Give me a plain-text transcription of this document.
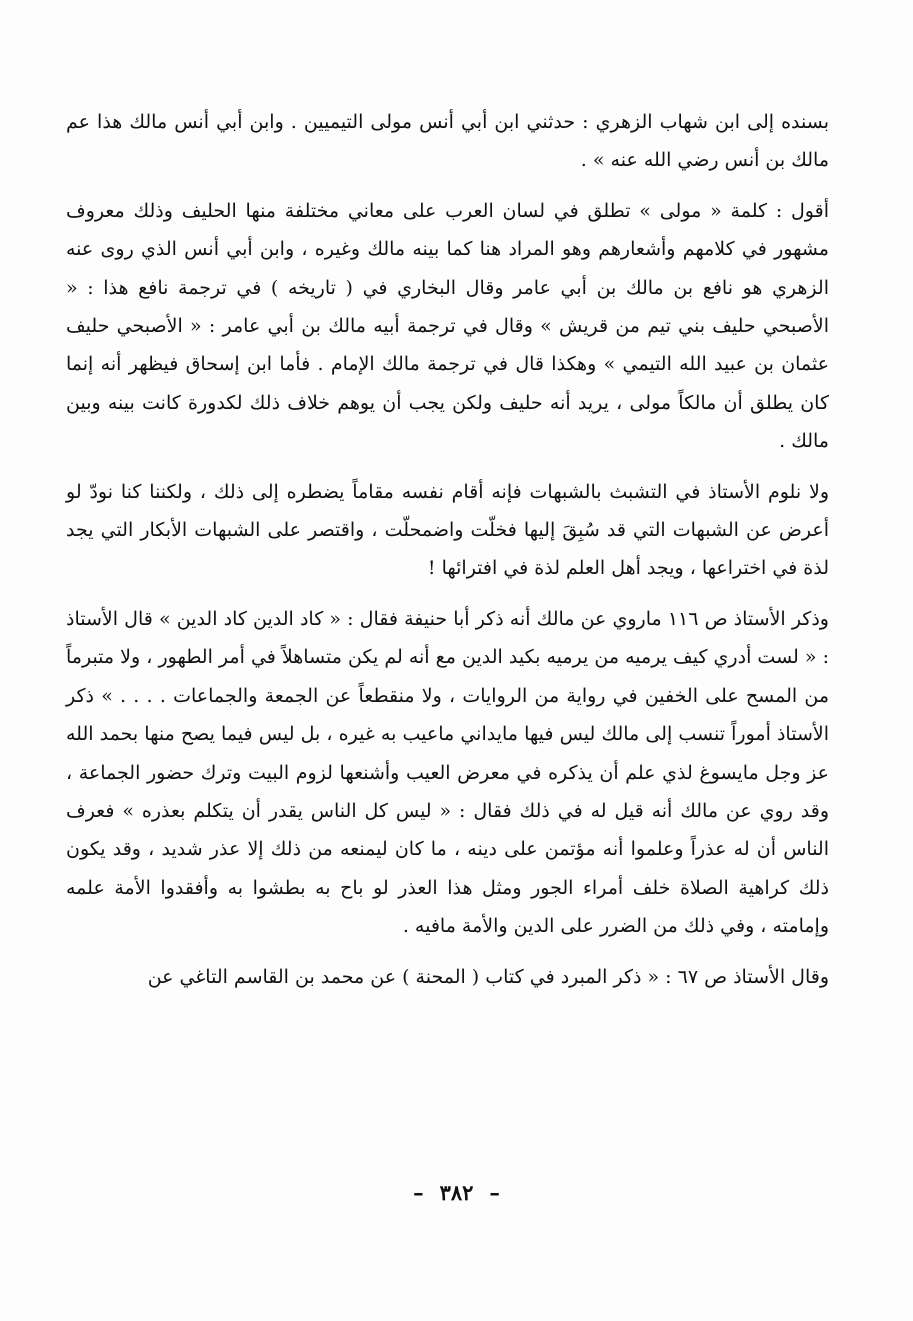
بسنده إلى ابن شهاب الزهري : حدثني ابن أبي أنس مولى التيميين . وابن أبي أنس مالك هذا عم مالك بن أنس رضي الله عنه » .

أقول : كلمة « مولى » تطلق في لسان العرب على معاني مختلفة منها الحليف وذلك معروف مشهور في كلامهم وأشعارهم وهو المراد هنا كما بينه مالك وغيره ، وابن أبي أنس الذي روى عنه الزهري هو نافع بن مالك بن أبي عامر وقال البخاري في ( تاريخه ) في ترجمة نافع هذا : « الأصبحي حليف بني تيم من قريش » وقال في ترجمة أبيه مالك بن أبي عامر : « الأصبحي حليف عثمان بن عبيد الله التيمي » وهكذا قال في ترجمة مالك الإمام . فأما ابن إسحاق فيظهر أنه إنما كان يطلق أن مالكاً مولى ، يريد أنه حليف ولكن يجب أن يوهم خلاف ذلك لكدورة كانت بينه وبين مالك .

ولا نلوم الأستاذ في التشبث بالشبهات فإنه أقام نفسه مقاماً يضطره إلى ذلك ، ولكننا كنا نودّ لو أعرض عن الشبهات التي قد سُبِقَ إليها فخلّت واضمحلّت ، واقتصر على الشبهات الأبكار التي يجد لذة في اختراعها ، ويجد أهل العلم لذة في افترائها !

وذكر الأستاذ ص ١١٦ ماروي عن مالك أنه ذكر أبا حنيفة فقال : « كاد الدين كاد الدين » قال الأستاذ : « لست أدري كيف يرميه من يرميه بكيد الدين مع أنه لم يكن متساهلاً في أمر الطهور ، ولا متبرماً من المسح على الخفين في رواية من الروايات ، ولا منقطعاً عن الجمعة والجماعات . . . . » ذكر الأستاذ أموراً تنسب إلى مالك ليس فيها مايداني ماعيب به غيره ، بل ليس فيما يصح منها بحمد الله عز وجل مايسوغ لذي علم أن يذكره في معرض العيب وأشنعها لزوم البيت وترك حضور الجماعة ، وقد روي عن مالك أنه قيل له في ذلك فقال : « ليس كل الناس يقدر أن يتكلم بعذره » فعرف الناس أن له عذراً وعلموا أنه مؤتمن على دينه ، ما كان ليمنعه من ذلك إلا عذر شديد ، وقد يكون ذلك كراهية الصلاة خلف أمراء الجور ومثل هذا العذر لو باح به بطشوا به وأفقدوا الأمة علمه وإمامته ، وفي ذلك من الضرر على الدين والأمة مافيه .

وقال الأستاذ ص ٦٧ : « ذكر المبرد في كتاب ( المحنة ) عن محمد بن القاسم التاغي عن

–٣٨٢–
